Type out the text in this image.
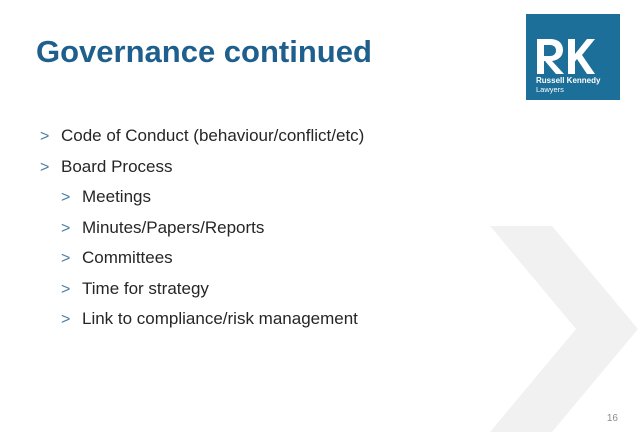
Governance continued
Russell Kennedy
Lawyers
> Code of Conduct (behaviour/conflict/etc)
> Board Process
> Meetings
> Minutes/Papers/Reports
> Committees
> Time for strategy
> Link to compliance/risk management
16
